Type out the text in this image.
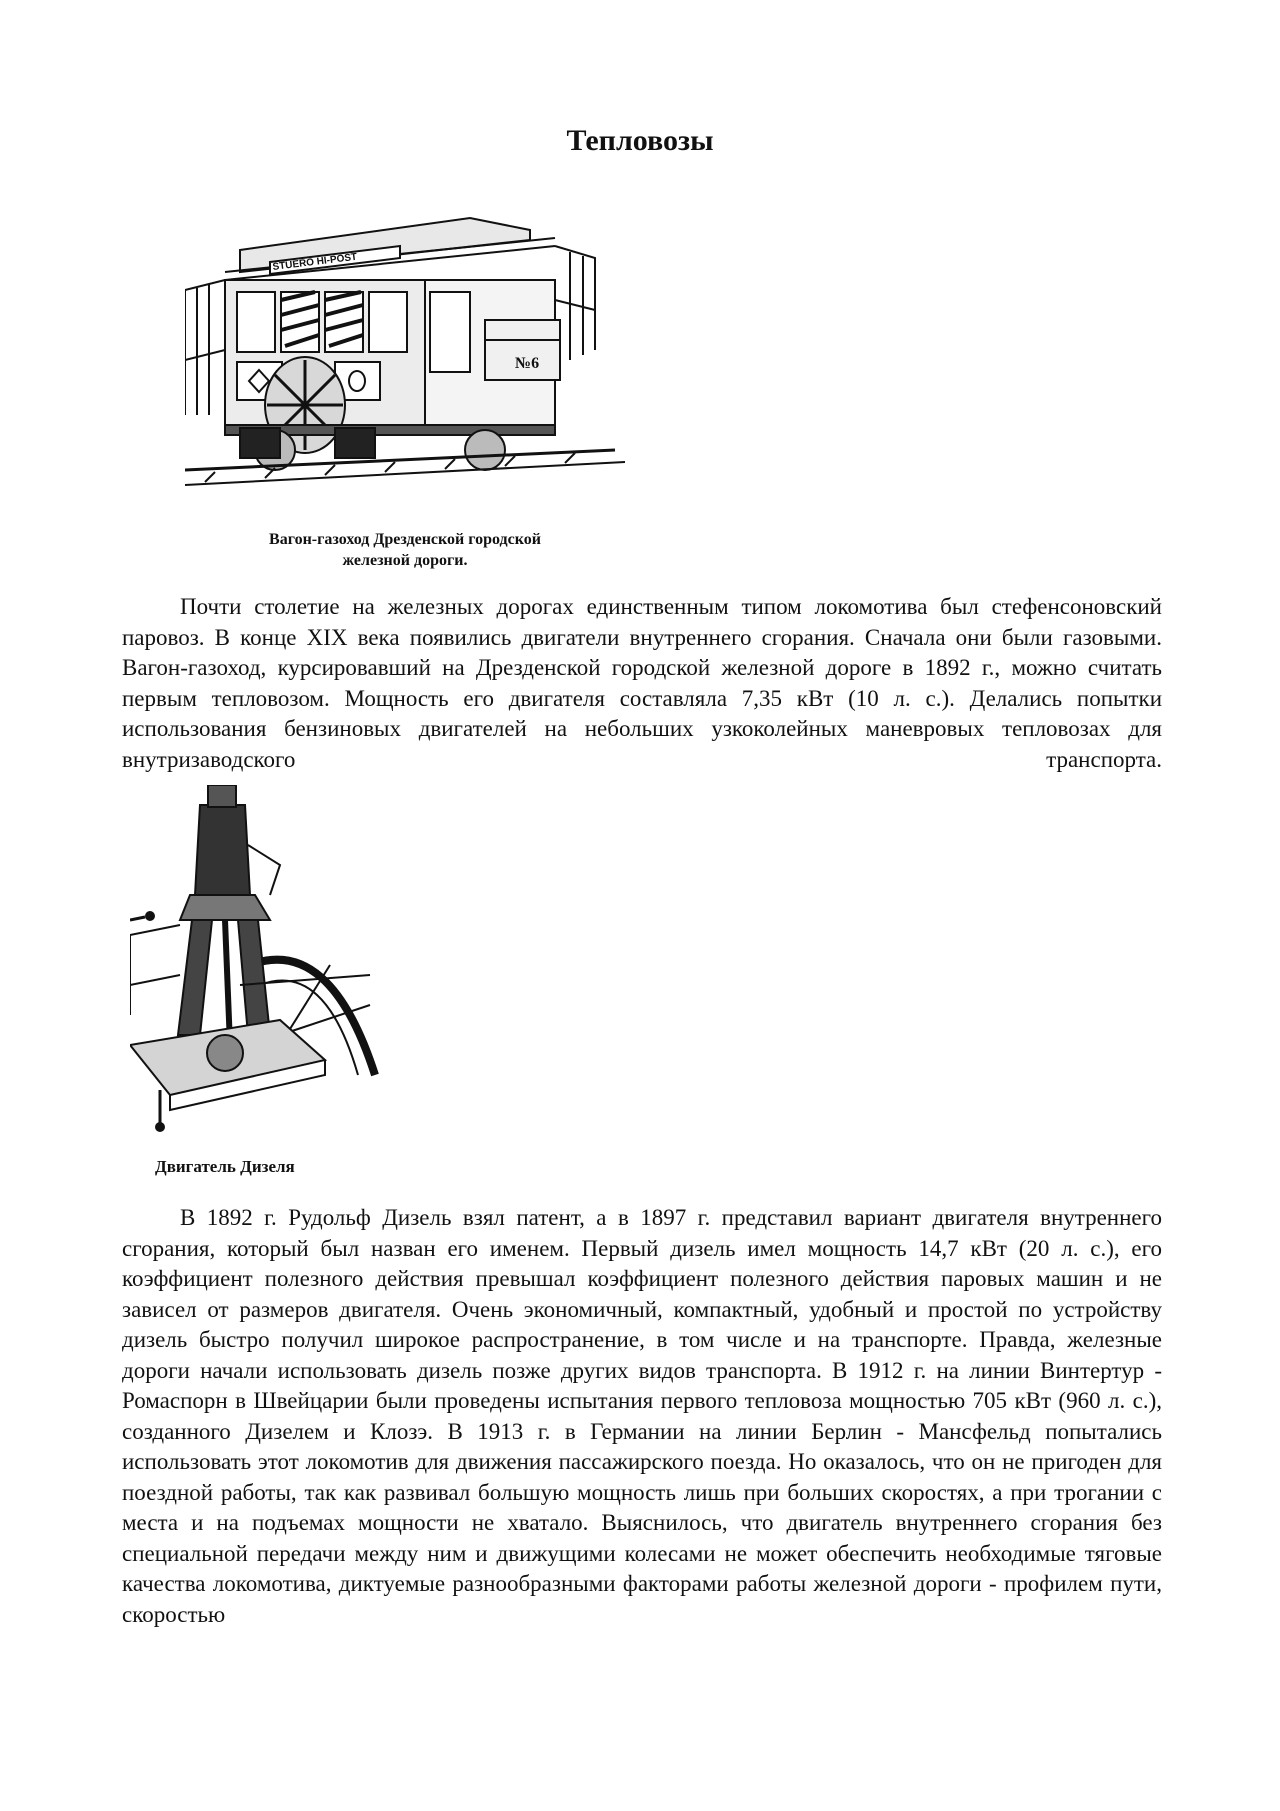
Тепловозы
№6
STUERO HI-POST

Вагон-газоход Дрезденской городской
железной дороги.

Почти столетие на железных дорогах единственным типом локомотива был стефенсоновский паровоз. В конце XIX века появились двигатели внутреннего сгорания. Сначала они были газовыми. Вагон-газоход, курсировавший на Дрезденской городской железной дороге в 1892 г., можно считать первым тепловозом. Мощность его двигателя составляла 7,35 кВт (10 л. с.). Делались попытки использования бензиновых двигателей на небольших узкоколейных маневровых тепловозах для внутризаводского транспорта.

Двигатель Дизеля

В 1892 г. Рудольф Дизель взял патент, а в 1897 г. представил вариант двигателя внутреннего сгорания, который был назван его именем. Первый дизель имел мощность 14,7 кВт (20 л. с.), его коэффициент полезного действия превышал коэффициент полезного действия паровых машин и не зависел от размеров двигателя. Очень экономичный, компактный, удобный и простой по устройству дизель быстро получил широкое распространение, в том числе и на транспорте. Правда, железные дороги начали использовать дизель позже других видов транспорта. В 1912 г. на линии Винтертур - Ромаспорн в Швейцарии были проведены испытания первого тепловоза мощностью 705 кВт (960 л. с.), созданного Дизелем и Клозэ. В 1913 г. в Германии на линии Берлин - Мансфельд попытались использовать этот локомотив для движения пассажирского поезда. Но оказалось, что он не пригоден для поездной работы, так как развивал большую мощность лишь при больших скоростях, а при трогании с места и на подъемах мощности не хватало. Выяснилось, что двигатель внутреннего сгорания без специальной передачи между ним и движущими колесами не может обеспечить необходимые тяговые качества локомотива, диктуемые разнообразными факторами работы железной дороги - профилем пути, скоростью
